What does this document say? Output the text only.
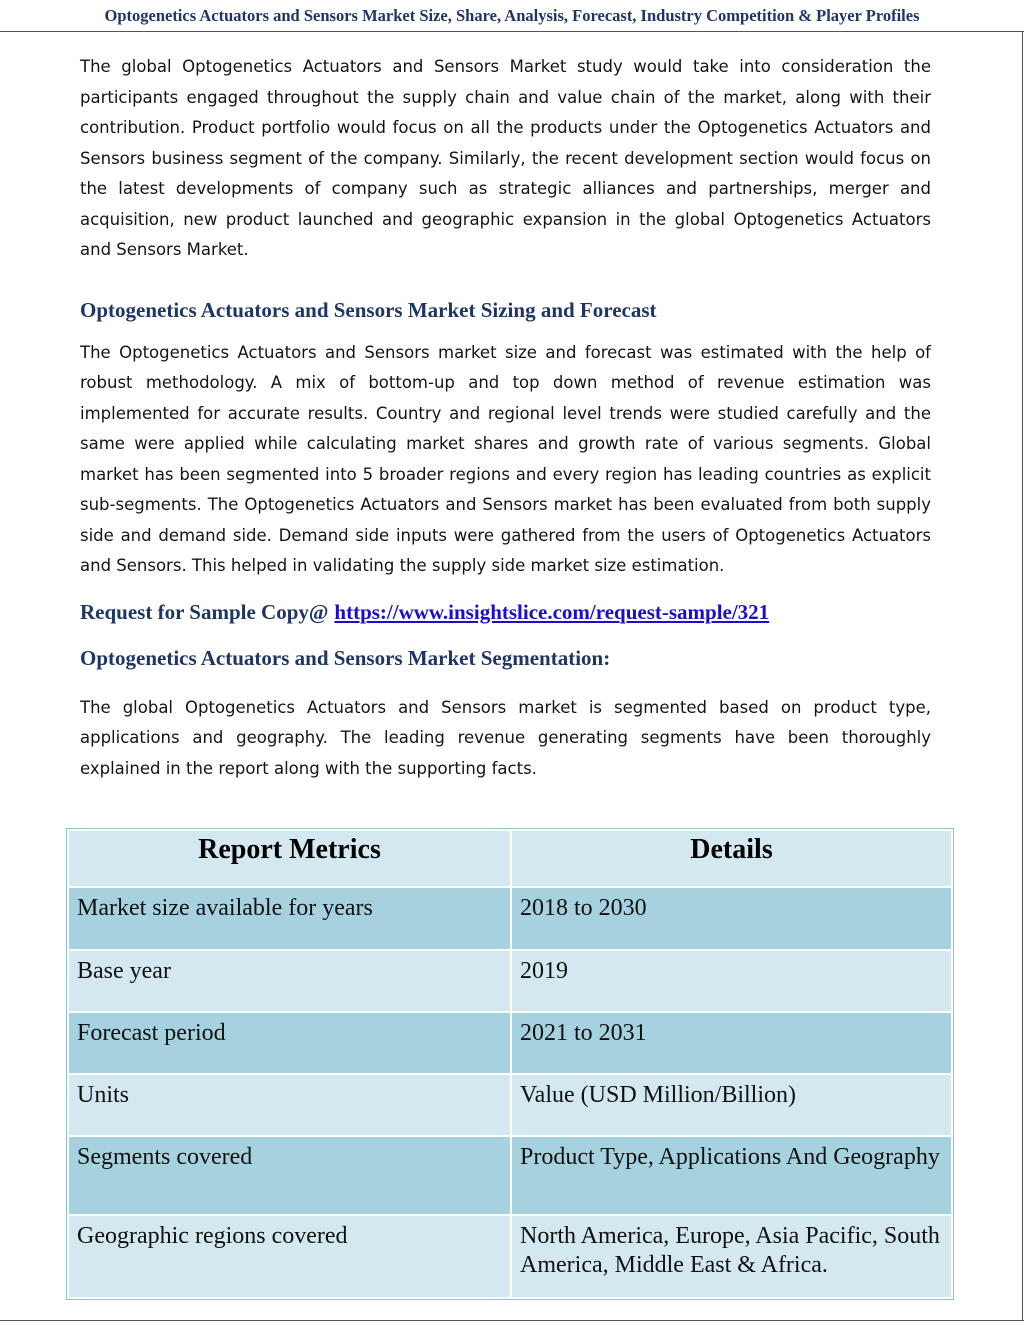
Optogenetics Actuators and Sensors Market Size, Share, Analysis, Forecast, Industry Competition & Player Profiles

The global Optogenetics Actuators and Sensors Market study would take into consideration the participants engaged throughout the supply chain and value chain of the market, along with their contribution. Product portfolio would focus on all the products under the Optogenetics Actuators and Sensors business segment of the company. Similarly, the recent development section would focus on the latest developments of company such as strategic alliances and partnerships, merger and acquisition, new product launched and geographic expansion in the global Optogenetics Actuators and Sensors Market.

Optogenetics Actuators and Sensors Market Sizing and Forecast

The Optogenetics Actuators and Sensors market size and forecast was estimated with the help of robust methodology. A mix of bottom-up and top down method of revenue estimation was implemented for accurate results. Country and regional level trends were studied carefully and the same were applied while calculating market shares and growth rate of various segments. Global market has been segmented into 5 broader regions and every region has leading countries as explicit sub-segments. The Optogenetics Actuators and Sensors market has been evaluated from both supply side and demand side. Demand side inputs were gathered from the users of Optogenetics Actuators and Sensors. This helped in validating the supply side market size estimation.

Request for Sample Copy@ https://www.insightslice.com/request-sample/321

Optogenetics Actuators and Sensors Market Segmentation:

The global Optogenetics Actuators and Sensors market is segmented based on product type, applications and geography. The leading revenue generating segments have been thoroughly explained in the report along with the supporting facts.

Report Metrics	Details
Market size available for years	2018 to 2030
Base year	2019
Forecast period	2021 to 2031
Units	Value (USD Million/Billion)
Segments covered	Product Type, Applications And Geography
Geographic regions covered	North America, Europe, Asia Pacific, South America, Middle East & Africa.
